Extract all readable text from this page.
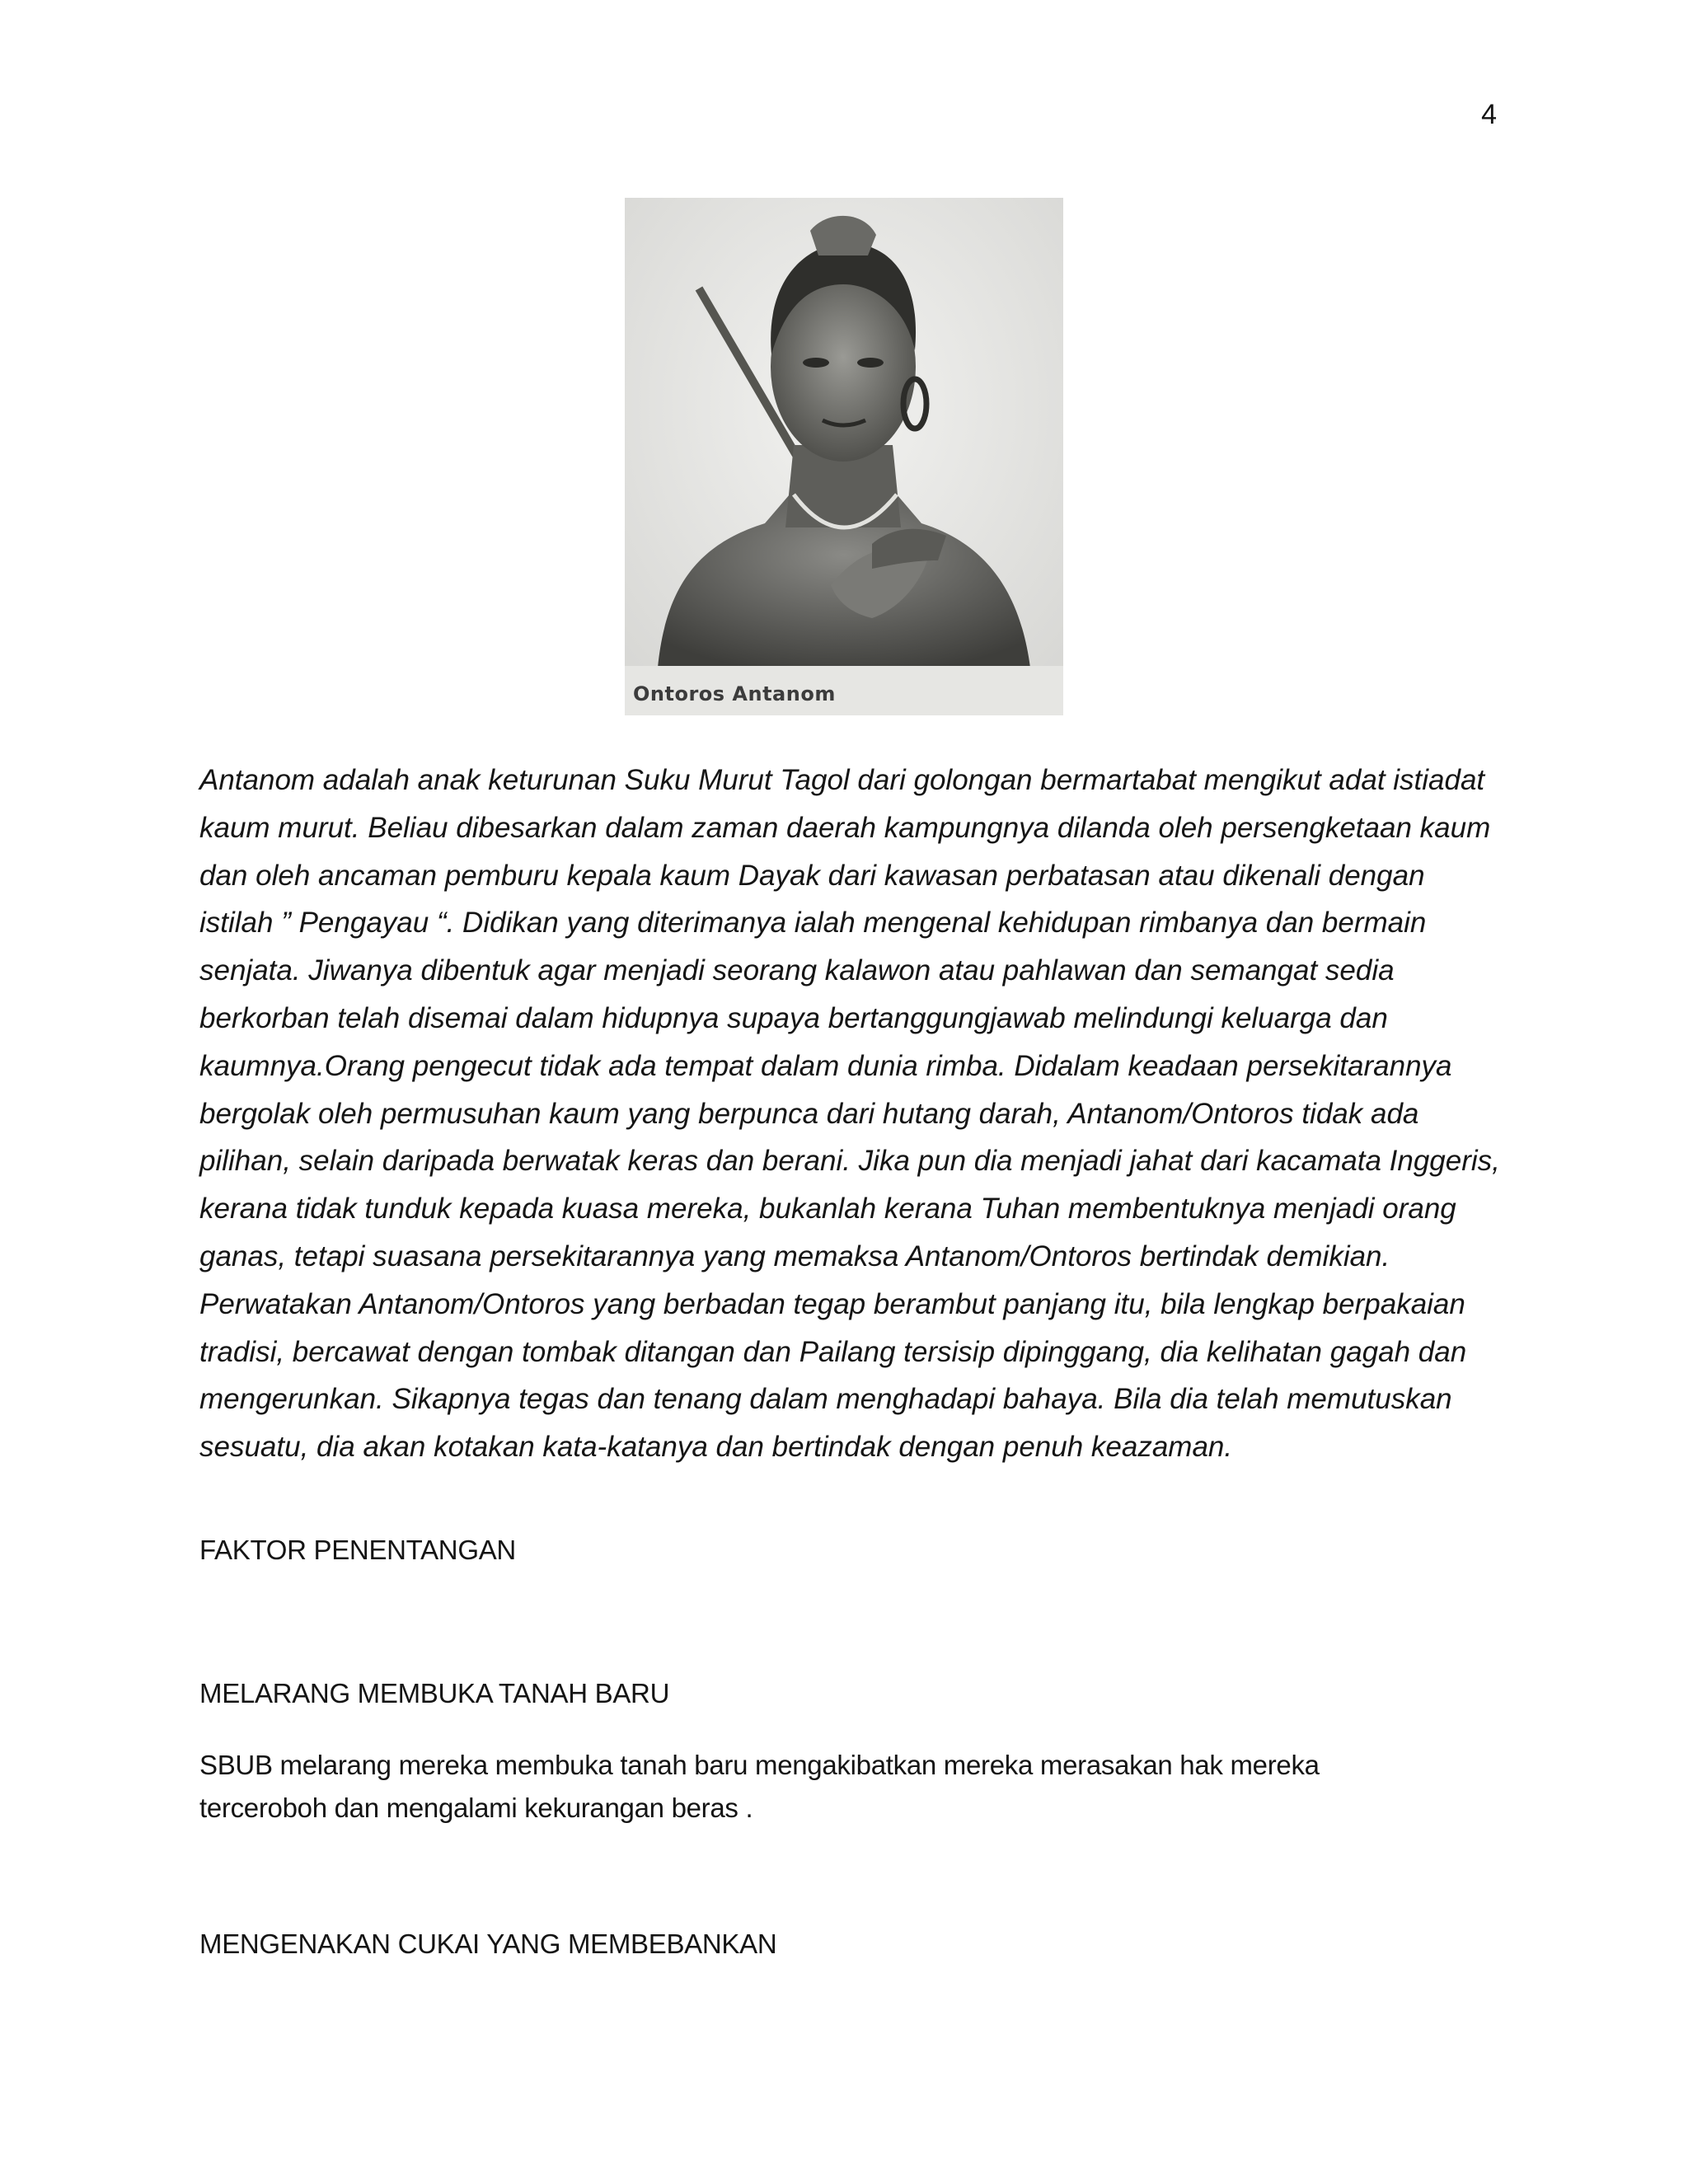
4
Ontoros Antanom

Antanom adalah anak keturunan Suku Murut Tagol dari golongan bermartabat mengikut adat istiadat kaum murut. Beliau dibesarkan dalam zaman daerah kampungnya dilanda oleh persengketaan kaum dan oleh ancaman pemburu kepala kaum Dayak dari kawasan perbatasan atau dikenali dengan istilah ” Pengayau “. Didikan yang diterimanya ialah mengenal kehidupan rimbanya dan bermain senjata. Jiwanya dibentuk agar menjadi seorang kalawon atau pahlawan dan semangat sedia berkorban telah disemai dalam hidupnya supaya bertanggungjawab melindungi keluarga dan kaumnya.Orang pengecut tidak ada tempat dalam dunia rimba. Didalam keadaan persekitarannya bergolak oleh permusuhan kaum yang berpunca dari hutang darah, Antanom/Ontoros tidak ada pilihan, selain daripada berwatak keras dan berani. Jika pun dia menjadi jahat dari kacamata Inggeris, kerana tidak tunduk kepada kuasa mereka, bukanlah kerana Tuhan membentuknya menjadi orang ganas, tetapi suasana persekitarannya yang memaksa Antanom/Ontoros bertindak demikian. Perwatakan Antanom/Ontoros yang berbadan tegap berambut panjang itu, bila lengkap berpakaian tradisi, bercawat dengan tombak ditangan dan Pailang tersisip dipinggang, dia kelihatan gagah dan mengerunkan. Sikapnya tegas dan tenang dalam menghadapi bahaya. Bila dia telah memutuskan sesuatu, dia akan kotakan kata-katanya dan bertindak dengan penuh keazaman.

FAKTOR PENENTANGAN
MELARANG MEMBUKA TANAH BARU

SBUB melarang mereka membuka tanah baru mengakibatkan mereka merasakan hak mereka terceroboh dan mengalami kekurangan beras .

MENGENAKAN CUKAI YANG MEMBEBANKAN
